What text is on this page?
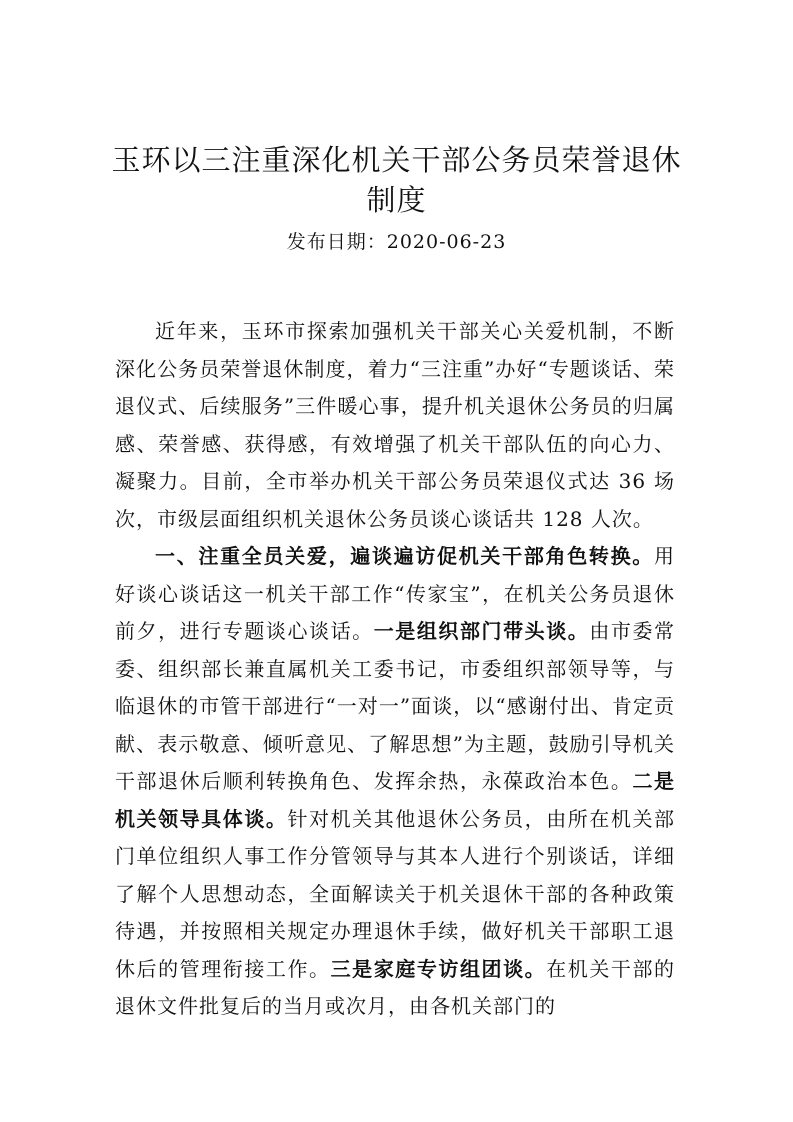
玉环以三注重深化机关干部公务员荣誉退休制度
发布日期：2020-06-23

近年来，玉环市探索加强机关干部关心关爱机制，不断深化公务员荣誉退休制度，着力“三注重”办好“专题谈话、荣退仪式、后续服务”三件暖心事，提升机关退休公务员的归属感、荣誉感、获得感，有效增强了机关干部队伍的向心力、凝聚力。目前，全市举办机关干部公务员荣退仪式达 36 场次，市级层面组织机关退休公务员谈心谈话共 128 人次。

一、注重全员关爱，遍谈遍访促机关干部角色转换。用好谈心谈话这一机关干部工作“传家宝”，在机关公务员退休前夕，进行专题谈心谈话。一是组织部门带头谈。由市委常委、组织部长兼直属机关工委书记，市委组织部领导等，与临退休的市管干部进行“一对一”面谈，以“感谢付出、肯定贡献、表示敬意、倾听意见、了解思想”为主题，鼓励引导机关干部退休后顺利转换角色、发挥余热，永葆政治本色。二是机关领导具体谈。针对机关其他退休公务员，由所在机关部门单位组织人事工作分管领导与其本人进行个别谈话，详细了解个人思想动态，全面解读关于机关退休干部的各种政策待遇，并按照相关规定办理退休手续，做好机关干部职工退休后的管理衔接工作。三是家庭专访组团谈。在机关干部的退休文件批复后的当月或次月，由各机关部门的
